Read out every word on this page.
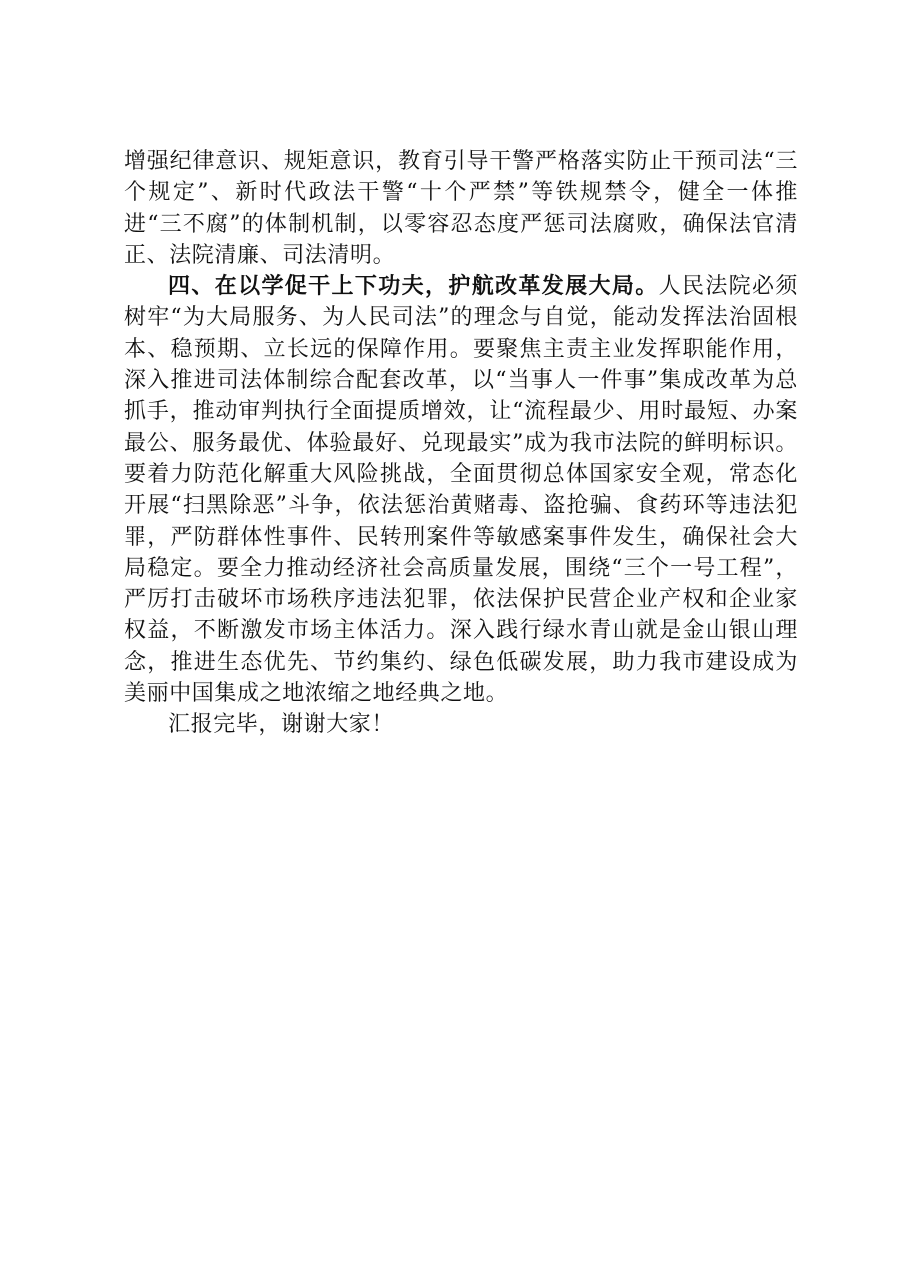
增强纪律意识、规矩意识，教育引导干警严格落实防止干预司法“三个规定”、新时代政法干警“十个严禁”等铁规禁令，健全一体推进“三不腐”的体制机制，以零容忍态度严惩司法腐败，确保法官清正、法院清廉、司法清明。

四、在以学促干上下功夫，护航改革发展大局。人民法院必须树牢“为大局服务、为人民司法”的理念与自觉，能动发挥法治固根本、稳预期、立长远的保障作用。要聚焦主责主业发挥职能作用，深入推进司法体制综合配套改革，以“当事人一件事”集成改革为总抓手，推动审判执行全面提质增效，让“流程最少、用时最短、办案最公、服务最优、体验最好、兑现最实”成为我市法院的鲜明标识。要着力防范化解重大风险挑战，全面贯彻总体国家安全观，常态化开展“扫黑除恶”斗争，依法惩治黄赌毒、盗抢骗、食药环等违法犯罪，严防群体性事件、民转刑案件等敏感案事件发生，确保社会大局稳定。要全力推动经济社会高质量发展，围绕“三个一号工程”，严厉打击破坏市场秩序违法犯罪，依法保护民营企业产权和企业家权益，不断激发市场主体活力。深入践行绿水青山就是金山银山理念，推进生态优先、节约集约、绿色低碳发展，助力我市建设成为美丽中国集成之地浓缩之地经典之地。

汇报完毕，谢谢大家！
